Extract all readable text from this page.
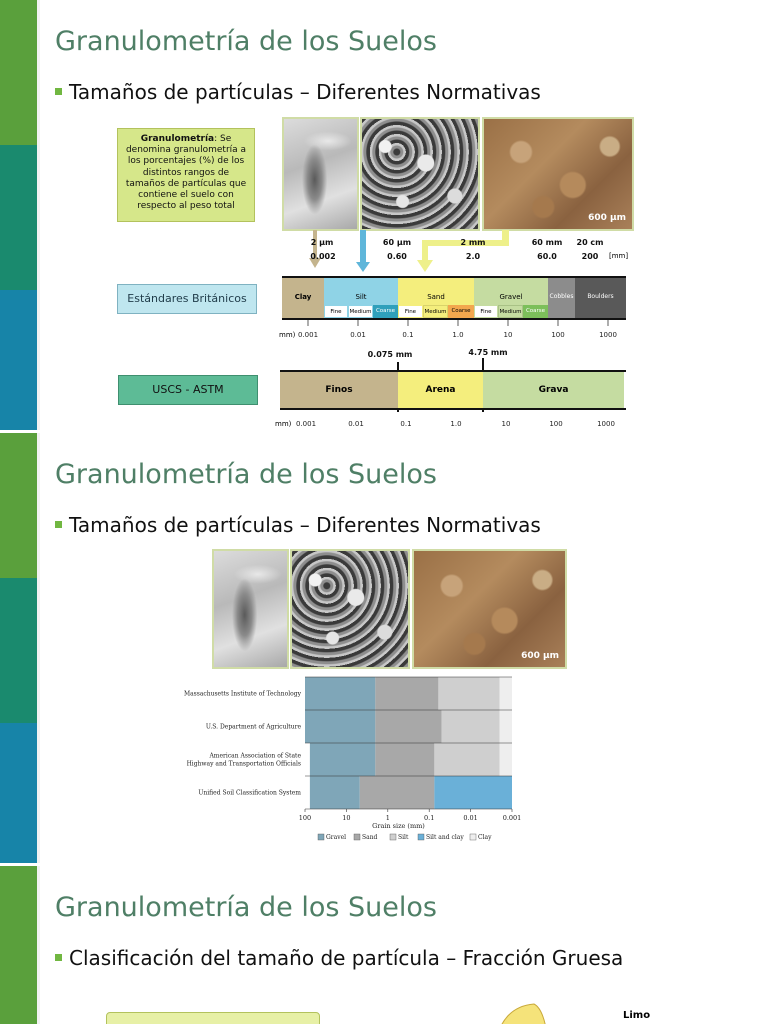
Granulometría de los Suelos
Tamaños de partículas – Diferentes Normativas
Granulometría: Se denomina granulometría a los porcentajes (%) de los distintos rangos de tamaños de partículas que contiene el suelo con respecto al peso total
600 μm
2 μm	60 μm	2 mm	60 mm 20 cm
0.002	0.60	2.0	60.0	200 [mm]
Estándares Británicos	Clay	Silt	Sand	Gravel	Cobbles	Boulders
Fine	Medium Coarse	Fine	Medium Coarse	Fine	Medium Coarse
mm) 0.001	0.01	0.1	1.0	10	100	1000
USCS - ASTM
0.075 mm	4.75 mm
Finos	Arena	Grava
mm) 0.001	0.01	0.1	1.0	10	100	1000
Granulometría de los Suelos
Tamaños de partículas – Diferentes Normativas
600 μm
Massachusetts Institute of Technology
U.S. Department of Agriculture
American Association of State
Highway and Transportation Officials
Unified Soil Classification System
100	10	1	0.1	0.01	0.001
Grain size (mm)
Gravel	Sand	Silt	Silt and clay Clay
Granulometría de los Suelos
Clasificación del tamaño de partícula – Fracción Gruesa
Limo
